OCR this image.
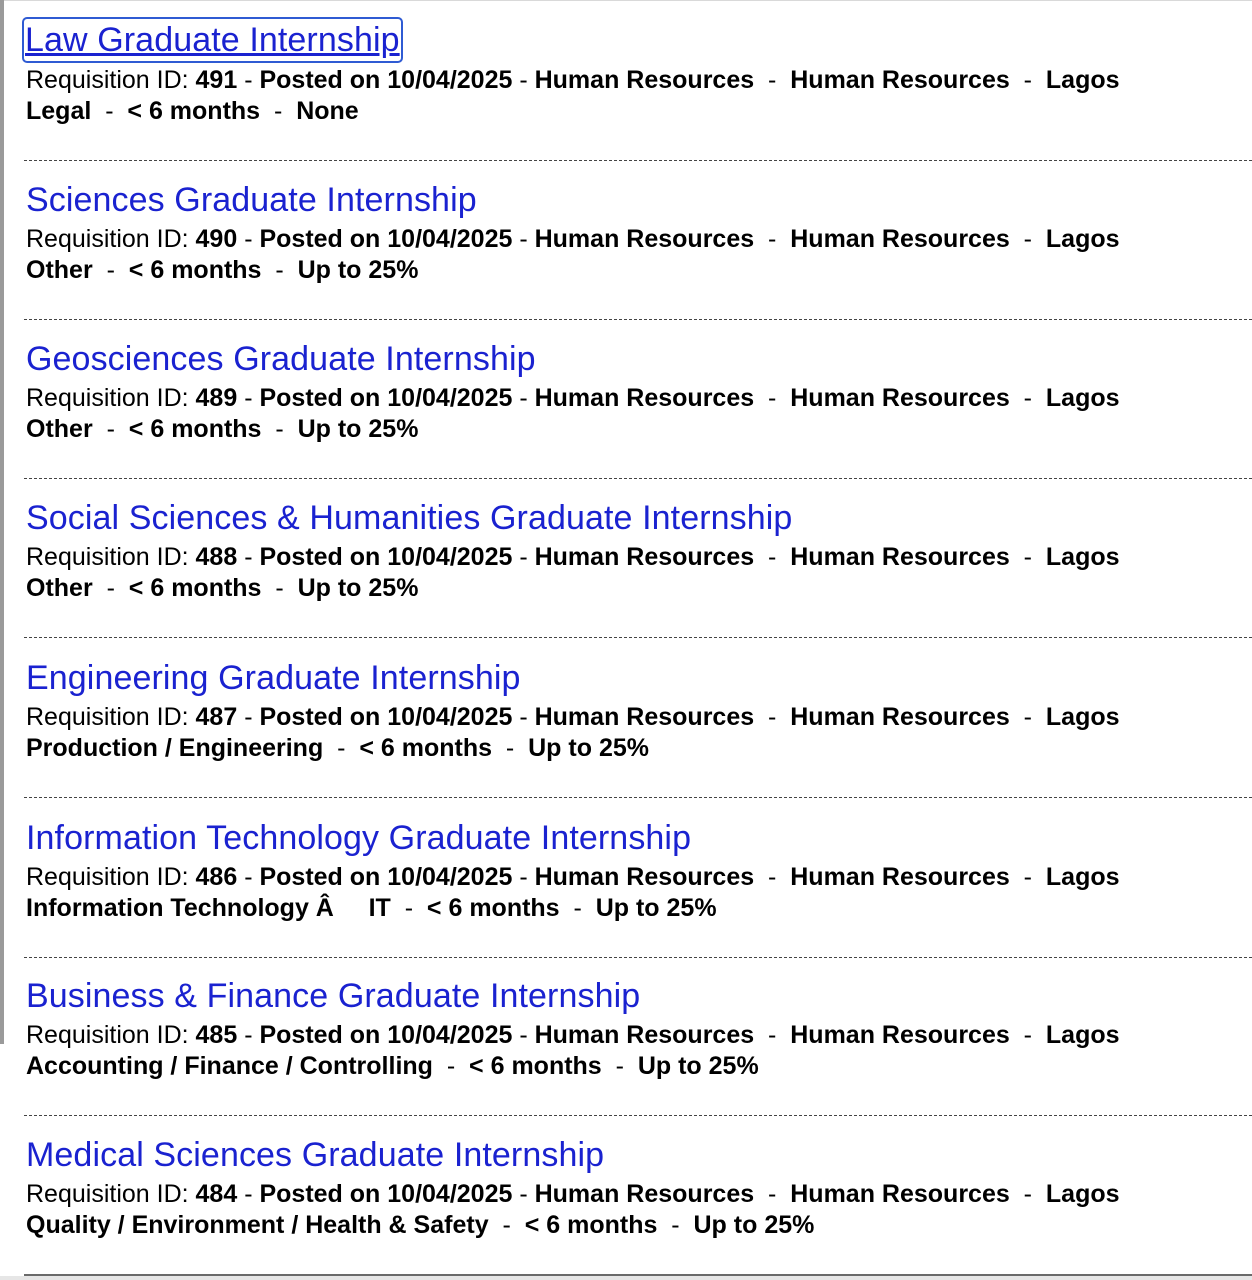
Law Graduate Internship
Requisition ID: 491 - Posted on 10/04/2025 - Human Resources  -  Human Resources  -  Lagos
Legal  -  < 6 months  -  None
Sciences Graduate Internship
Requisition ID: 490 - Posted on 10/04/2025 - Human Resources  -  Human Resources  -  Lagos
Other  -  < 6 months  -  Up to 25%
Geosciences Graduate Internship
Requisition ID: 489 - Posted on 10/04/2025 - Human Resources  -  Human Resources  -  Lagos
Other  -  < 6 months  -  Up to 25%
Social Sciences & Humanities Graduate Internship
Requisition ID: 488 - Posted on 10/04/2025 - Human Resources  -  Human Resources  -  Lagos
Other  -  < 6 months  -  Up to 25%
Engineering Graduate Internship
Requisition ID: 487 - Posted on 10/04/2025 - Human Resources  -  Human Resources  -  Lagos
Production / Engineering  -  < 6 months  -  Up to 25%
Information Technology Graduate Internship
Requisition ID: 486 - Posted on 10/04/2025 - Human Resources  -  Human Resources  -  Lagos
Information Technology Â     IT  -  < 6 months  -  Up to 25%
Business & Finance Graduate Internship
Requisition ID: 485 - Posted on 10/04/2025 - Human Resources  -  Human Resources  -  Lagos
Accounting / Finance / Controlling  -  < 6 months  -  Up to 25%
Medical Sciences Graduate Internship
Requisition ID: 484 - Posted on 10/04/2025 - Human Resources  -  Human Resources  -  Lagos
Quality / Environment / Health & Safety  -  < 6 months  -  Up to 25%
